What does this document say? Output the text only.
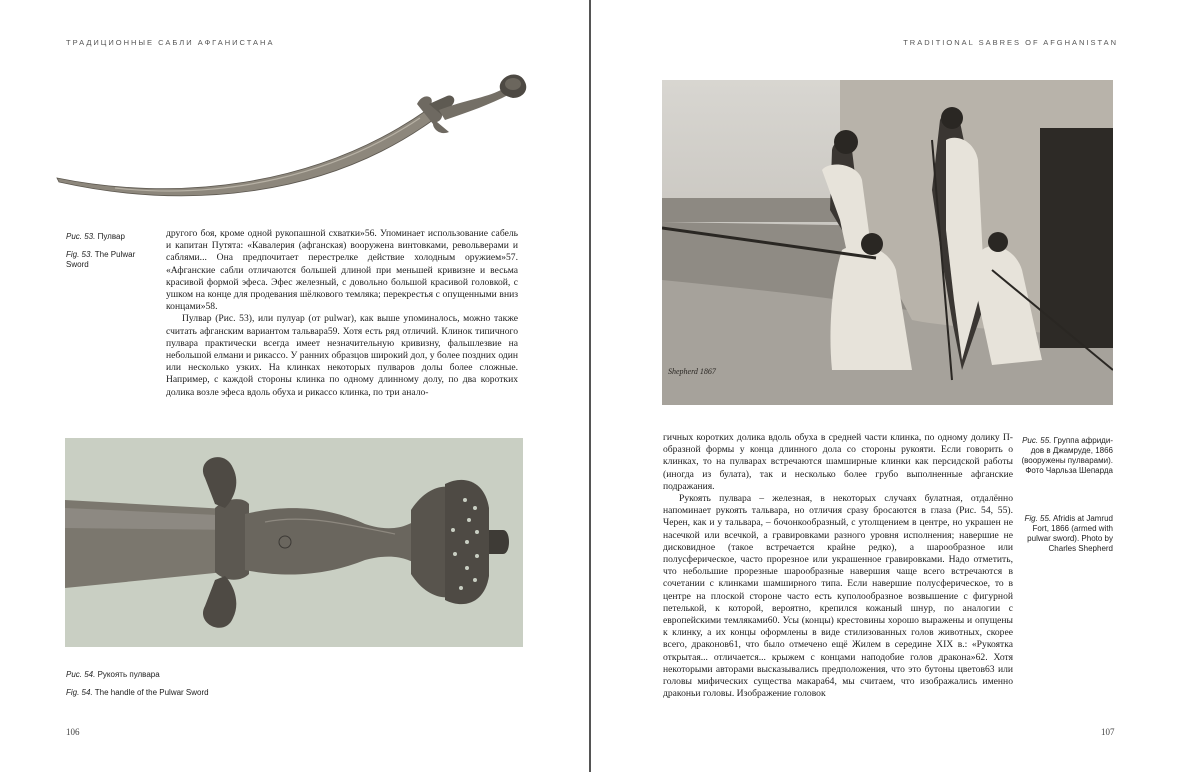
ТРАДИЦИОННЫЕ САБЛИ АФГАНИСТАНА
Рис. 53. Пулвар
Fig. 53. The Pulwar Sword

другого боя, кроме одной рукопашной схватки»56. Упоминает использование сабель и капитан Путята: «Кавалерия (афганская) вооружена винтовками, револьверами и саблями... Она предпочитает перестрелке действие холодным оружием»57. «Афганские сабли отличаются большей длиной при меньшей кривизне и весьма красивой формой эфеса. Эфес железный, с довольно большой красивой головкой, с ушком на конце для продевания шёлкового темляка; перекрестья с опущенными вниз концами»58.

Пулвар (Рис. 53), или пулуар (от pulwar), как выше упоминалось, можно также считать афганским вариантом тальвара59. Хотя есть ряд отличий. Клинок типичного пулвара практически всегда имеет незначительную кривизну, фальшлезвие на небольшой елмани и рикассо. У ранних образцов широкий дол, у более поздних один или несколько узких. На клинках некоторых пулваров долы более сложные. Например, с каждой стороны клинка по одному длинному долу, по два коротких долика возле эфеса вдоль обуха и рикассо клинка, по три анало-

Рис. 54. Рукоять пулвара
Fig. 54. The handle of the Pulwar Sword
106
TRADITIONAL SABRES OF AFGHANISTAN
Shepherd 1867

гичных коротких долика вдоль обуха в средней части клинка, по одному долику П-образной формы у конца длинного дола со стороны рукояти. Если говорить о клинках, то на пулварах встречаются шамширные клинки как персидской работы (иногда из булата), так и несколько более грубо выполненные афганские подражания.

Рукоять пулвара – железная, в некоторых случаях булатная, отдалённо напоминает рукоять тальвара, но отличия сразу бросаются в глаза (Рис. 54, 55). Черен, как и у тальвара, – бочонкообразный, с утолщением в центре, но украшен не насечкой или всечкой, а гравировками разного уровня исполнения; навершие не дисковидное (такое встречается крайне редко), а шарообразное или полусферическое, часто прорезное или украшенное гравировками. Надо отметить, что небольшие прорезные шарообразные навершия чаще всего встречаются в сочетании с клинками шамширного типа. Если навершие полусферическое, то в центре на плоской стороне часто есть куполообразное возвышение с фигурной петелькой, к которой, вероятно, крепился кожаный шнур, по аналогии с европейскими темляками60. Усы (концы) крестовины хорошо выражены и опущены к клинку, а их концы оформлены в виде стилизованных голов животных, скорее всего, драконов61, что было отмечено ещё Жилем в середине XIX в.: «Рукоятка открытая... отличается... крыжем с концами наподобие голов дракона»62. Хотя некоторыми авторами высказывались предположения, что это бутоны цветов63 или головы мифических существа макара64, мы считаем, что изображались именно драконьи головы. Изображение головок

Рис. 55. Группа афридидов в Джамруде, 1866 (вооружены пулварами). Фото Чарльза Шепарда
Fig. 55. Afridis at Jamrud Fort, 1866 (armed with pulwar sword). Photo by Charles Shepherd
107
